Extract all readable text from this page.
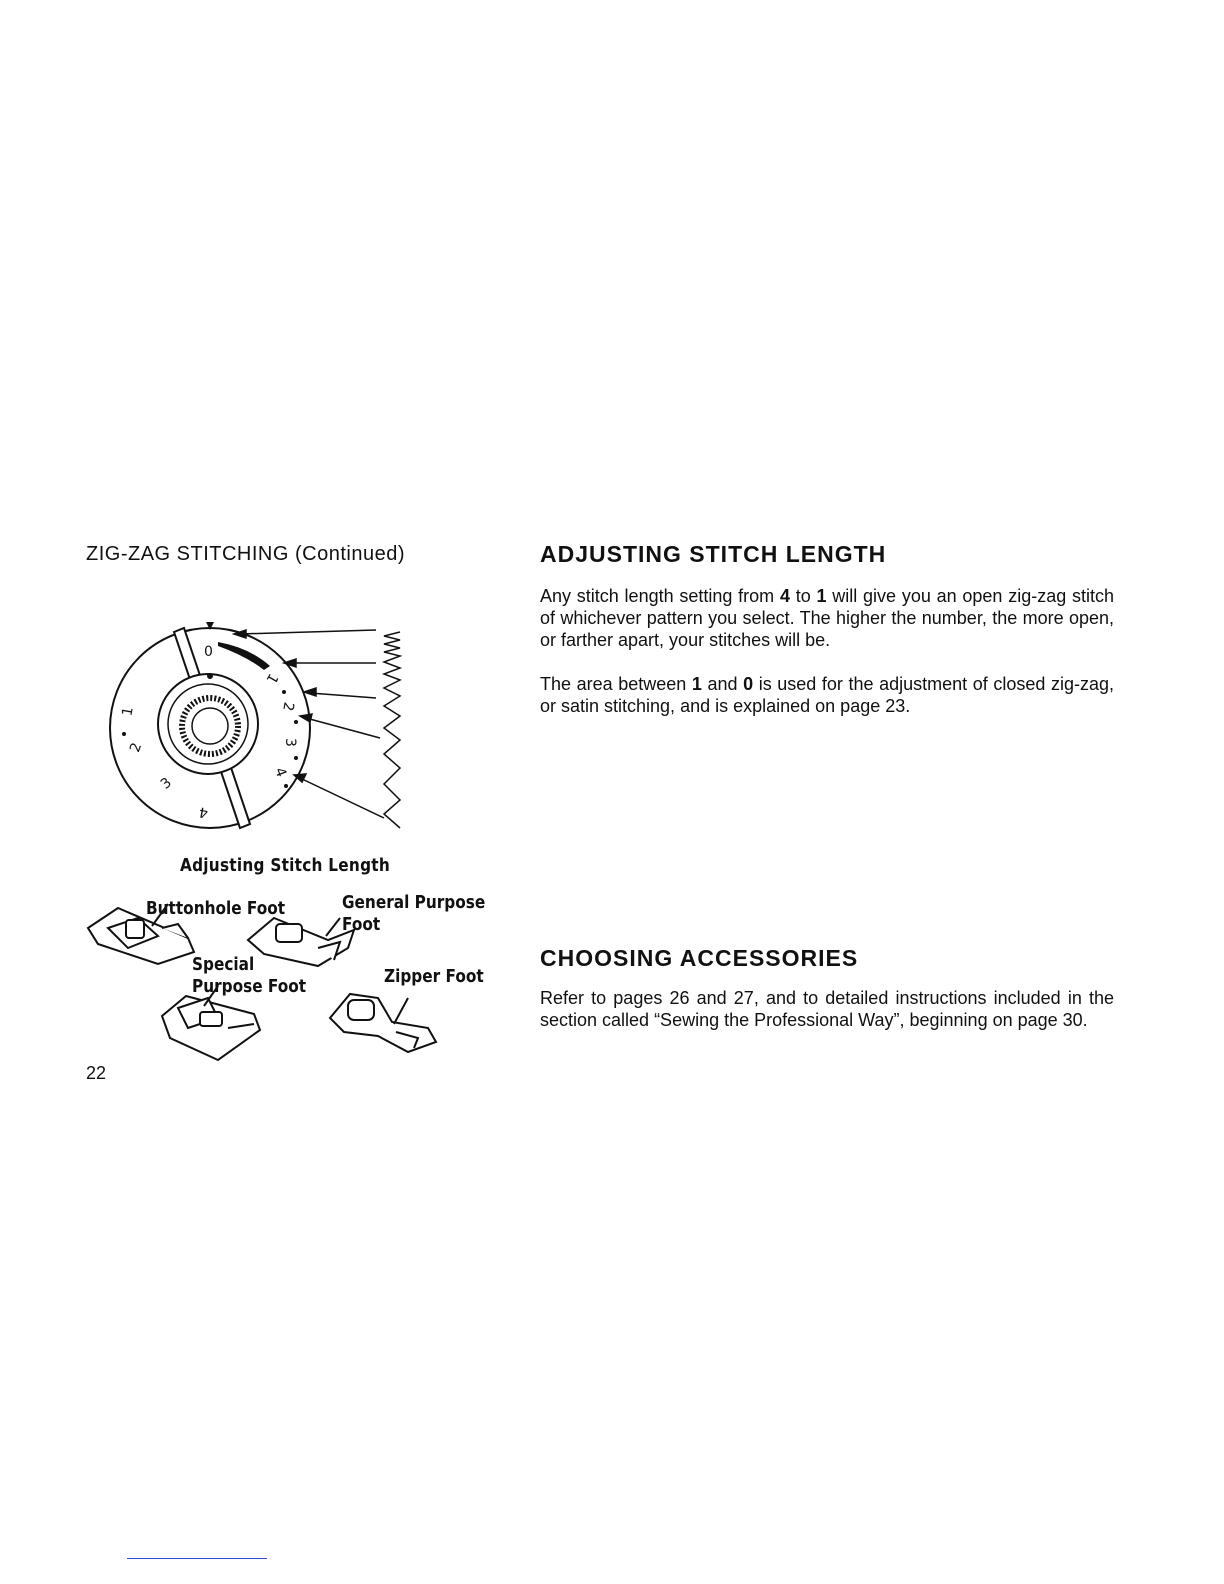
ZIG-ZAG STITCHING (Continued)
0
1
2
3
4
1
2
3
4
Adjusting Stitch Length
Buttonhole Foot	General Purpose
Foot
Special
Purpose Foot	Zipper Foot
22
ADJUSTING STITCH LENGTH
Any stitch length setting from 4 to 1 will give you an open zig-zag stitch of whichever pattern you select. The higher the number, the more open, or farther apart, your stitches will be.
The area between 1 and 0 is used for the adjustment of closed zig-zag, or satin stitching, and is explained on page 23.
CHOOSING ACCESSORIES
Refer to pages 26 and 27, and to detailed instructions included in the section called “Sewing the Professional Way”, beginning on page 30.
